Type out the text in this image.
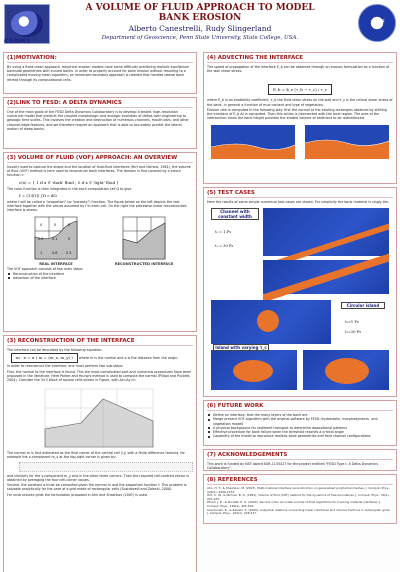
CSDMS
A VOLUME OF FLUID APPROACH TO MODEL
BANK EROSION
Alberto Canestrelli, Rudy Slingerland
Department of Geoscience, Penn State University, State College, USA.
NSF
(1)MOTIVATION:
By using a fixed-mesh approach, empirical erosion models have some difficulty predicting realistic equilibrium bankside geometries with curved banks. In order to properly account for bank erosion without resorting to a complicated moving mesh algorithm, an immersed boundary approach is needed that handles lateral bank retreat through its computational cells.
(2)LINK TO FESD: A DELTA DYNAMICS
One of the main goals of the FESD Delta Dynamics Collaboratory is to develop a tested, high-resolution numerical model that predicts the coupled morphologic and ecologic evolution of deltas over engineering to geologic time scales. This involves the creation and destruction of numerous channels, mouth bars, and other channel-edge features, and we therefore require an approach that is able to accurately predict the lateral motion of steep banks.
(3) VOLUME OF FLUID (VOF) APPROACH: AN OVERVIEW
Usually used to capture the shape and the location of fluid-fluid interfaces (Hirt and Nichols, 1981), the volume of fluid (VOF) method is here used to reconstruct bank interfaces. The domain is first covered by a colour function c:
c(x) = { 1 if x ∈ 'dark' fluid ; 0 if x ∈ 'light' fluid }
The color function is then integrated in the each computation cell Ω to give
f = (1/|Ω|) ∫Ω c dΩ
where f will be called a "proportion" (or "porosity") function. The figure below on the left depicts the real interface together with the values assumed by f in each cell. On the right the piecewise-linear reconstructed interface is shown.
0	0	0
0.5	0.1	0
1	0.8	0.3
REAL INTERFACE	RECONSTRUCTED INTERFACE
The VOF approach consists of two main steps:
Reconstruction of the interface
Advection of the interface
(3) RECONSTRUCTION OF THE INTERFACE
The interface can be described by the following equation:
m · x = α ( m = (m_x, m_y) ) where m is the normal and α is the distance from the origin.
In order to reconstruct the interface, one must perform two sub-steps:
First, the normal to the interface is found. This the most complicated part and numerous procedures have been proposed in the literature. Here Parker and Young's method is used to compute the normal (Pilliod and Puckett, 2004). Consider the 3×3 block of square cells shown in Figure, with Δx=Δy=h.
The normal m is first estimated as the final corner of the central cell (i,j) with a finite difference formula, for example the x-component m_x at the top-right corner is given by:
and similarly for the y-component m_y and in the other three corners. Then the required cell-centred vector is obtained by averaging the four cell-corner values.
Second, the constant α must be computed given the normal m and the proportion function f. This problem is solvable analytically for the case of a grid made of rectangular cells (Scardovelli and Zaleski, 2000).
For unstructured grids the formulation proposed in Ahn and Shashkov (2007) is used.
(4) ADVECTING THE INTERFACE
The speed of propagation of the interface E_b can be obtained through an erosion formulation as a function of the wall shear stress:
E_b = k_e (τ_b − τ_c) / τ_c
where E_b is an erodibility coefficient, τ_b the fluid shear stress on the wall and τ_c is the critical shear stress of the bank, in general a function of mud content and type of vegetation.
Erosion rate is computed in the following way: first the normal to the existing rectangles obtained by shifting the interface of E_b Δt is computed. Then this action is intersected with the local region. The area of the intersection times the bank height provides the eroded volume of sediment to be redistributed.
(5) TEST CASES
Here the results of some simple numerical test cases are shown. For simplicity the bank material is singly tier.
Channel with constant width
t₀ = 1 Fs
t₁ = 30 Fs
Circular island
t₂=1 Fs
t₃=20 Fs
Island with varying τ_c	t₄=30 Fs
(6) FUTURE WORK
Define an interface, that the many layers of the bank are
Merge present VOF algorithm with the original software by FESD (hydrostatic, morphodynamic, and vegetation model)
A physical background for sediment transport to determine depositional patterns
Effective procedure for bank failure when the threshold reaches a critical angle
Capability of the model to reproduce realistic bank geometries and field channel configurations
(7) ACKNOWLEDGEMENTS
This work is funded by NSF Award EAR-1135427 for the project entitled "FESD Type I: A Delta Dynamics Collaboratory".
(8) REFERENCES
Ahn, H. T., & Shashkov, M. (2007). Multi-material interface reconstruction on generalized polyhedral meshes. J. Comput. Phys., 226(2), 2096-2132.
Hirt, C. W., & Nichols, B. D. (1981). Volume of fluid (VOF) method for the dynamics of free boundaries. J. Comput. Phys., 39(1), 201-225.
Pilliod, J. E., & Puckett, E. G. (2004). Second-order accurate volume-of-fluid algorithms for tracking material interfaces. J. Comput. Phys., 199(2), 465-502.
Scardovelli, R., & Zaleski, S. (2000). Analytical relations connecting linear interfaces and volume fractions in rectangular grids. J. Comput. Phys., 164(1), 228-237.
